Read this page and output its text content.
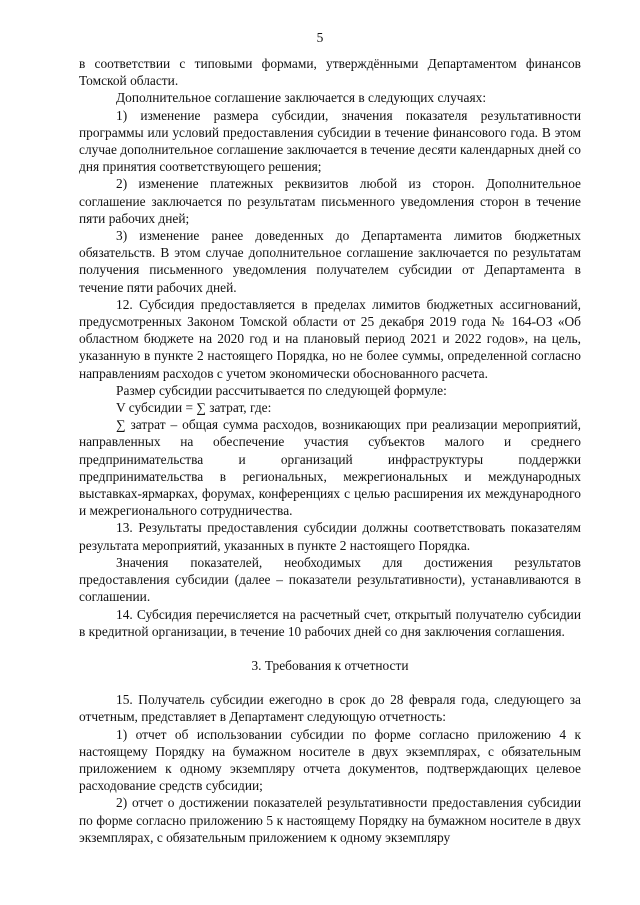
5

в соответствии с типовыми формами, утверждёнными Департаментом финансов Томской области.

Дополнительное соглашение заключается в следующих случаях:

1) изменение размера субсидии, значения показателя результативности программы или условий предоставления субсидии в течение финансового года. В этом случае дополнительное соглашение заключается в течение десяти календарных дней со дня принятия соответствующего решения;

2) изменение платежных реквизитов любой из сторон. Дополнительное соглашение заключается по результатам письменного уведомления сторон в течение пяти рабочих дней;

3) изменение ранее доведенных до Департамента лимитов бюджетных обязательств. В этом случае дополнительное соглашение заключается по результатам получения письменного уведомления получателем субсидии от Департамента в течение пяти рабочих дней.

12. Субсидия предоставляется в пределах лимитов бюджетных ассигнований, предусмотренных Законом Томской области от 25 декабря 2019 года № 164-ОЗ «Об областном бюджете на 2020 год и на плановый период 2021 и 2022 годов», на цель, указанную в пункте 2 настоящего Порядка, но не более суммы, определенной согласно направлениям расходов с учетом экономически обоснованного расчета.

Размер субсидии рассчитывается по следующей формуле:

V субсидии = ∑ затрат, где:

∑ затрат – общая сумма расходов, возникающих при реализации мероприятий, направленных на обеспечение участия субъектов малого и среднего предпринимательства и организаций инфраструктуры поддержки предпринимательства в региональных, межрегиональных и международных выставках-ярмарках, форумах, конференциях с целью расширения их международного и межрегионального сотрудничества.

13. Результаты предоставления субсидии должны соответствовать показателям результата мероприятий, указанных в пункте 2 настоящего Порядка.

Значения показателей, необходимых для достижения результатов предоставления субсидии (далее – показатели результативности), устанавливаются в соглашении.

14. Субсидия перечисляется на расчетный счет, открытый получателю субсидии в кредитной организации, в течение 10 рабочих дней со дня заключения соглашения.

3. Требования к отчетности

15. Получатель субсидии ежегодно в срок до 28 февраля года, следующего за отчетным, представляет в Департамент следующую отчетность:

1) отчет об использовании субсидии по форме согласно приложению 4 к настоящему Порядку на бумажном носителе в двух экземплярах, с обязательным приложением к одному экземпляру отчета документов, подтверждающих целевое расходование средств субсидии;

2) отчет о достижении показателей результативности предоставления субсидии по форме согласно приложению 5 к настоящему Порядку на бумажном носителе в двух экземплярах, с обязательным приложением к одному экземпляру
